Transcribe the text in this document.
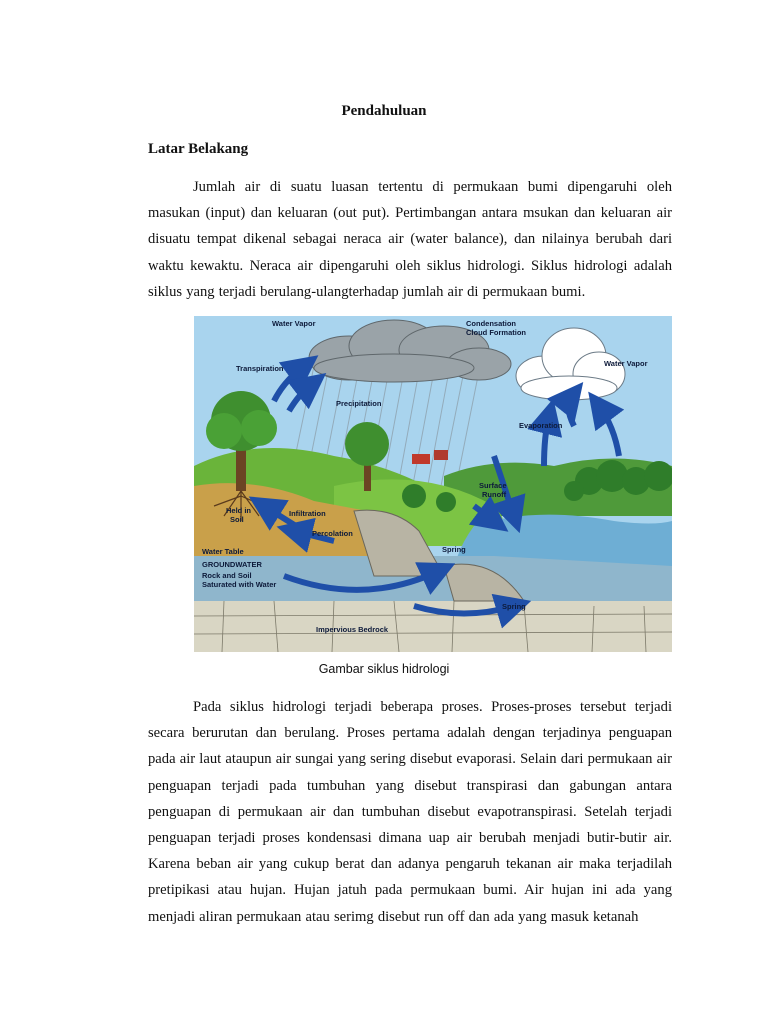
Pendahuluan
Latar Belakang

Jumlah air di suatu luasan tertentu di permukaan bumi dipengaruhi oleh masukan (input) dan keluaran (out put). Pertimbangan antara msukan dan keluaran air disuatu tempat dikenal sebagai neraca air (water balance), dan nilainya berubah dari waktu kewaktu. Neraca air dipengaruhi oleh siklus hidrologi. Siklus hidrologi adalah siklus yang terjadi berulang-ulangterhadap jumlah air di permukaan bumi.

Water Vapor	Condensation
Cloud Formation
Water Vapor
Transpiration
Precipitation
Evaporation
Surface
Runoff
Held in
Soil
Infiltration
Percolation
Water Table
GROUNDWATER
Rock and Soil
Saturated with Water
Spring
Spring
Impervious Bedrock
Gambar siklus hidrologi

Pada siklus hidrologi terjadi beberapa proses. Proses-proses tersebut terjadi secara berurutan dan berulang. Proses pertama adalah dengan terjadinya penguapan pada air laut ataupun air sungai yang sering disebut evaporasi. Selain dari permukaan air penguapan terjadi pada tumbuhan yang disebut transpirasi dan gabungan antara penguapan di permukaan air dan tumbuhan disebut evapotranspirasi. Setelah terjadi penguapan terjadi proses kondensasi dimana uap air berubah menjadi butir-butir air. Karena beban air yang cukup berat dan adanya pengaruh tekanan air maka terjadilah pretipikasi atau hujan. Hujan jatuh pada permukaan bumi. Air hujan ini ada yang menjadi aliran permukaan atau serimg disebut run off dan ada yang masuk ketanah
